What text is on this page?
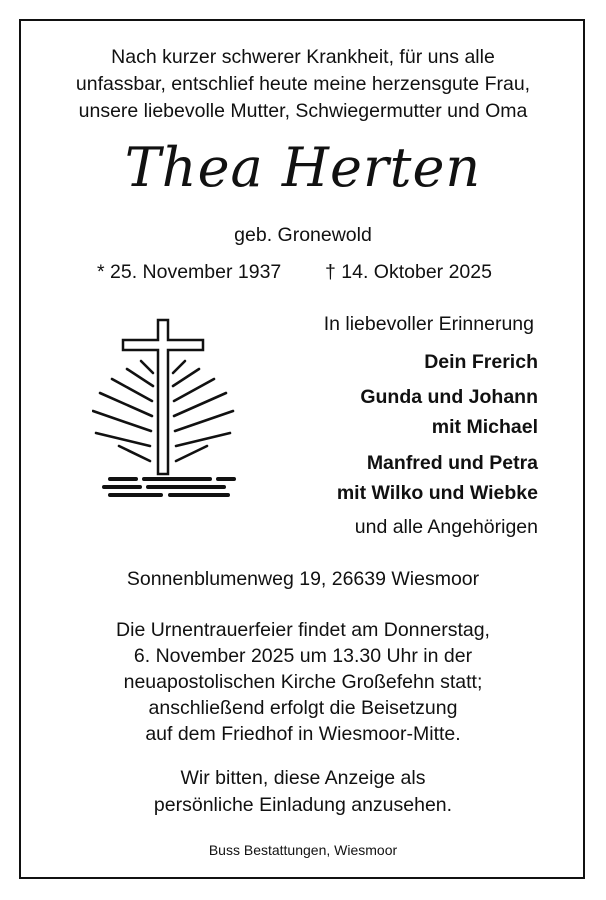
Nach kurzer schwerer Krankheit, für uns alle
unfassbar, entschlief heute meine herzensgute Frau,
unsere liebevolle Mutter, Schwiegermutter und Oma
Thea Herten
geb. Gronewold
* 25. November 1937 † 14. Oktober 2025
In liebevoller Erinnerung
Dein Frerich
Gunda und Johann
mit Michael
Manfred und Petra
mit Wilko und Wiebke
und alle Angehörigen
Sonnenblumenweg 19, 26639 Wiesmoor
Die Urnentrauerfeier findet am Donnerstag,
6. November 2025 um 13.30 Uhr in der
neuapostolischen Kirche Großefehn statt;
anschließend erfolgt die Beisetzung
auf dem Friedhof in Wiesmoor-Mitte.
Wir bitten, diese Anzeige als
persönliche Einladung anzusehen.
Buss Bestattungen, Wiesmoor
